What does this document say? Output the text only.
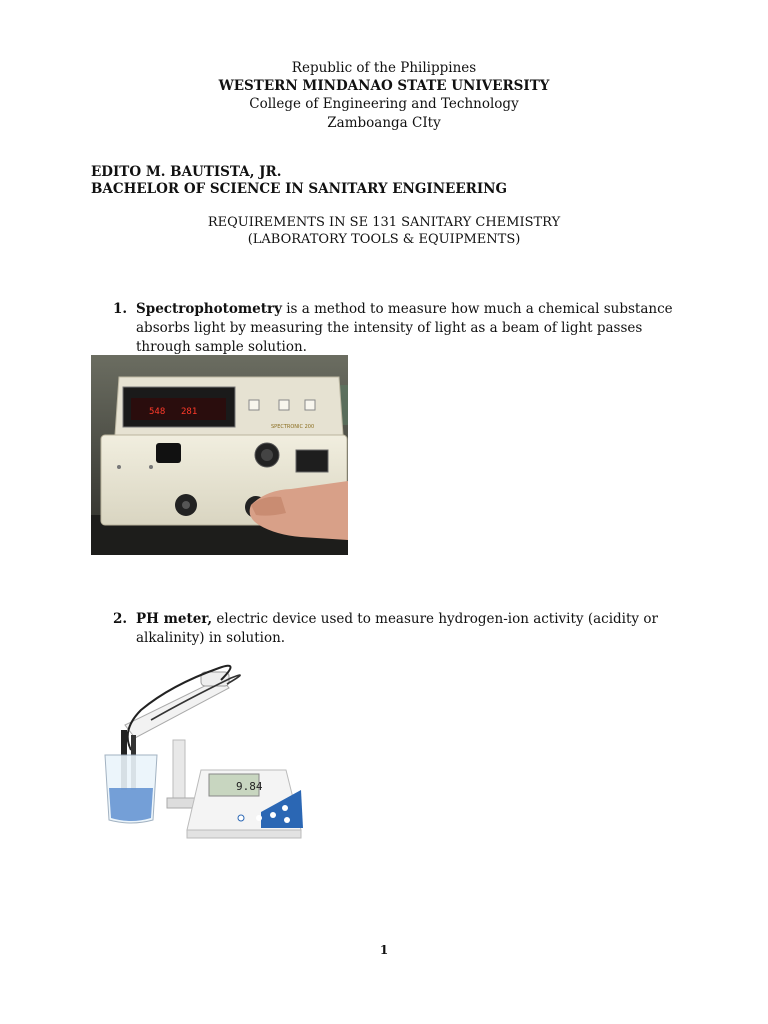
Republic of the Philippines
WESTERN MINDANAO STATE UNIVERSITY
College of Engineering and Technology
Zamboanga CIty
EDITO M. BAUTISTA, JR.
BACHELOR OF SCIENCE IN SANITARY ENGINEERING
REQUIREMENTS IN SE 131 SANITARY CHEMISTRY
(LABORATORY TOOLS & EQUIPMENTS)
1. Spectrophotometry is a method to measure how much a chemical substance absorbs light by measuring the intensity of light as a beam of light passes through sample solution.
548 281
SPECTRONIC 200
2. PH meter, electric device used to measure hydrogen-ion activity (acidity or alkalinity) in solution.
9.84
1
